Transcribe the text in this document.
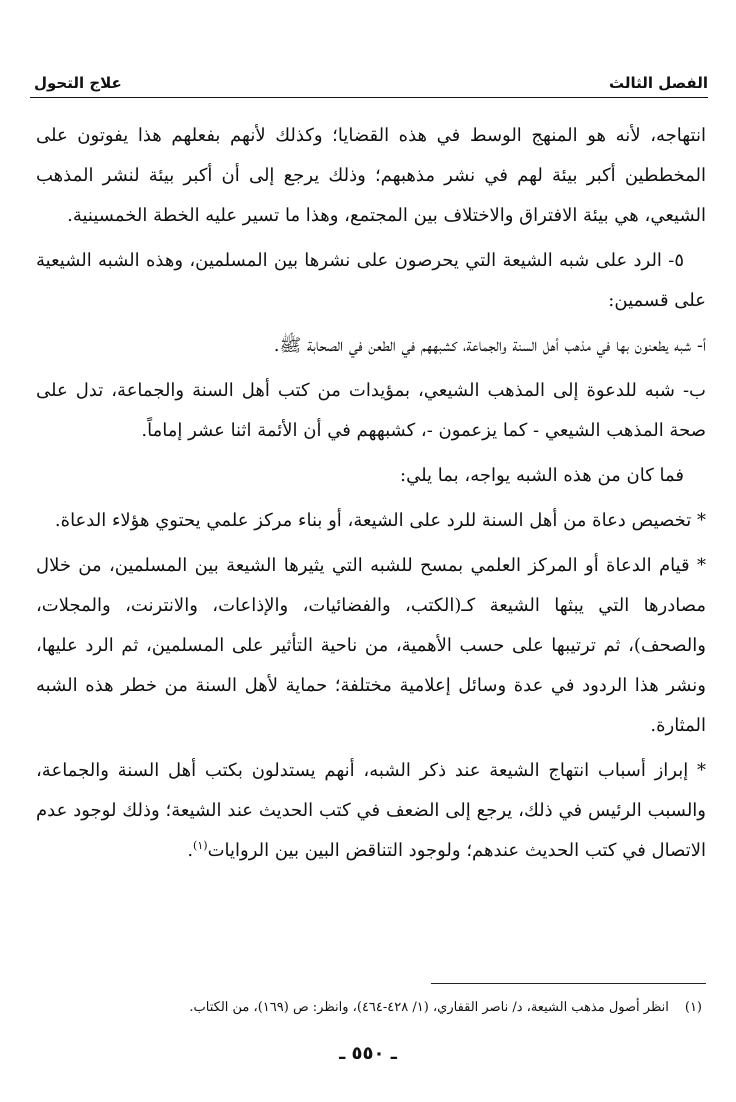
الفصل الثالث
علاج التحول

انتهاجه، لأنه هو المنهج الوسط في هذه القضايا؛ وكذلك لأنهم بفعلهم هذا يفوتون على المخططين أكبر بيئة لهم في نشر مذهبهم؛ وذلك يرجع إلى أن أكبر بيئة لنشر المذهب الشيعي، هي بيئة الافتراق والاختلاف بين المجتمع، وهذا ما تسير عليه الخطة الخمسينية.

٥- الرد على شبه الشيعة التي يحرصون على نشرها بين المسلمين، وهذه الشبه الشيعية على قسمين:

أ- شبه يطعنون بها في مذهب أهل السنة والجماعة، كشبههم في الطعن في الصحابة ﷺ.

ب- شبه للدعوة إلى المذهب الشيعي، بمؤيدات من كتب أهل السنة والجماعة، تدل على صحة المذهب الشيعي - كما يزعمون -، كشبههم في أن الأئمة اثنا عشر إماماً.

فما كان من هذه الشبه يواجه، بما يلي:

* تخصيص دعاة من أهل السنة للرد على الشيعة، أو بناء مركز علمي يحتوي هؤلاء الدعاة.

* قيام الدعاة أو المركز العلمي بمسح للشبه التي يثيرها الشيعة بين المسلمين، من خلال مصادرها التي يبثها الشيعة كـ(الكتب، والفضائيات، والإذاعات، والانترنت، والمجلات، والصحف)، ثم ترتيبها على حسب الأهمية، من ناحية التأثير على المسلمين، ثم الرد عليها، ونشر هذا الردود في عدة وسائل إعلامية مختلفة؛ حماية لأهل السنة من خطر هذه الشبه المثارة.

* إبراز أسباب انتهاج الشيعة عند ذكر الشبه، أنهم يستدلون بكتب أهل السنة والجماعة، والسبب الرئيس في ذلك، يرجع إلى الضعف في كتب الحديث عند الشيعة؛ وذلك لوجود عدم الاتصال في كتب الحديث عندهم؛ ولوجود التناقض البين بين الروايات$^{(١)}$.

(١)
انظر أصول مذهب الشيعة، د/ ناصر القفاري، (١/ ٤٢٨-٤٦٤)، وانظر: ص (١٦٩)، من الكتاب.
ـ ٥٥٠ ـ
